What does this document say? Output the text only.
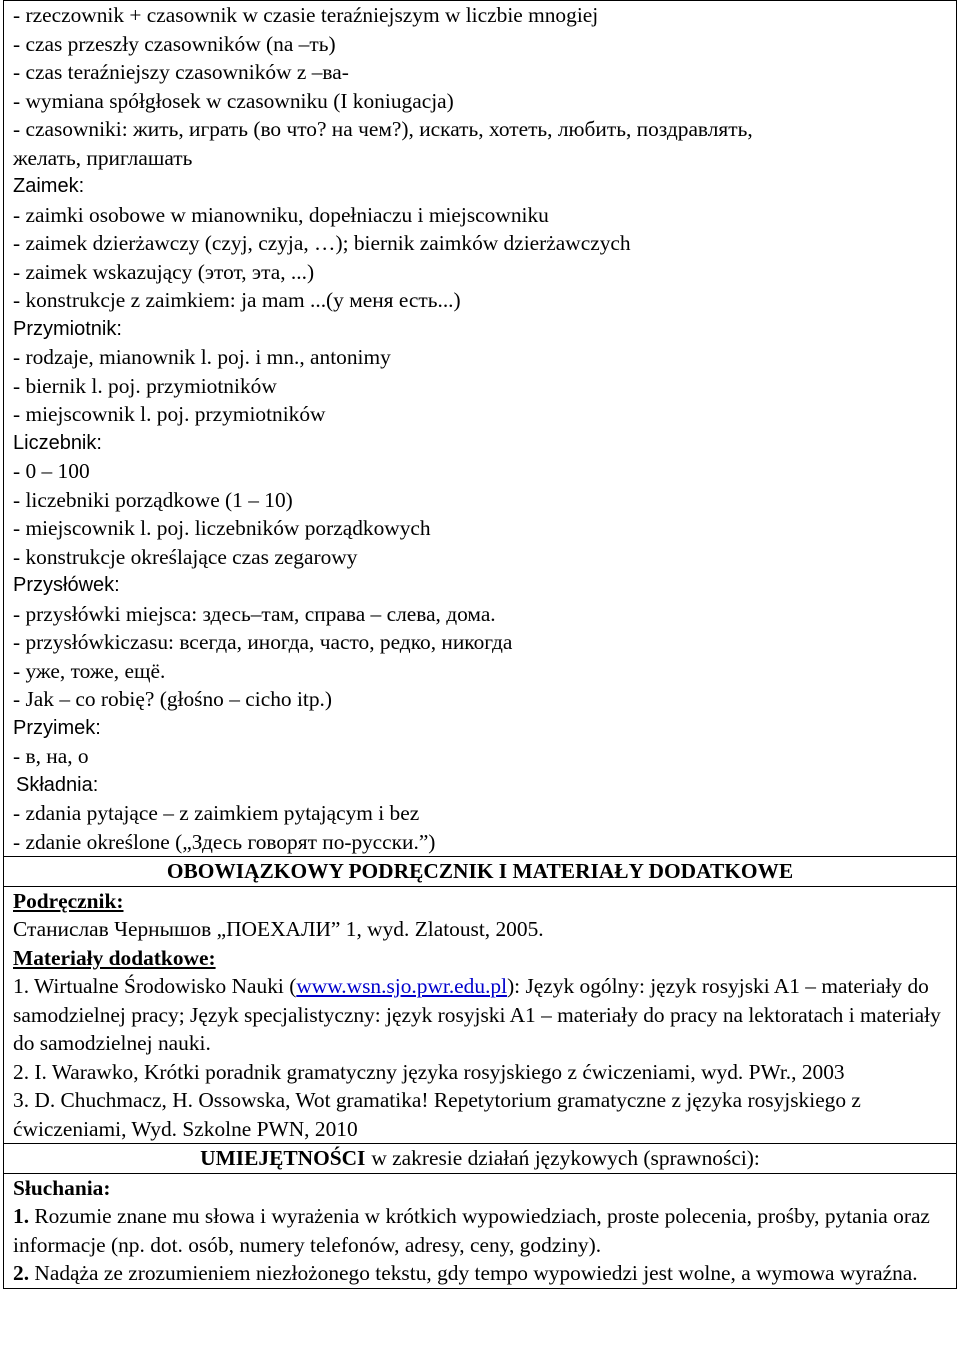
- rzeczownik + czasownik w czasie teraźniejszym w liczbie mnogiej
- czas przeszły czasowników (na –ть)
- czas teraźniejszy czasowników z –ва-
- wymiana spółgłosek w czasowniku (I koniugacja)
- czasowniki: жить, играть (во что? на чем?), искать, хотеть, любить, поздравлять,
желать, приглашать
Zaimek:
- zaimki osobowe w mianowniku, dopełniaczu i miejscowniku
- zaimek dzierżawczy (czyj, czyja, …); biernik zaimków dzierżawczych
- zaimek wskazujący (этот, эта, ...)
- konstrukcje z zaimkiem: ja mam ...(у меня есть...)
Przymiotnik:
- rodzaje, mianownik l. poj. i mn., antonimy
- biernik l. poj. przymiotników
- miejscownik l. poj. przymiotników
Liczebnik:
- 0 – 100
- liczebniki porządkowe (1 – 10)
- miejscownik l. poj. liczebników porządkowych
- konstrukcje określające czas zegarowy
Przysłówek:
- przysłówki miejsca: здесь–там, справа – слева, дома.
- przysłówkiczasu: всегда, иногда, часто, редко, никогда
- уже, тоже, ещё.
- Jak – co robię? (głośno – cicho itp.)
Przyimek:
- в, на, о
Składnia:
- zdania pytające – z zaimkiem pytającym i bez
- zdanie określone („Здесь говорят по-русски.”)

OBOWIĄZKOWY PODRĘCZNIK I MATERIAŁY DODATKOWE

Podręcznik:
Станислав Чернышов „ПОЕХАЛИ” 1, wyd. Zlatoust, 2005.
Materiały dodatkowe:
1. Wirtualne Środowisko Nauki (www.wsn.sjo.pwr.edu.pl): Język ogólny: język rosyjski A1 – materiały do samodzielnej pracy; Język specjalistyczny: język rosyjski A1 – materiały do pracy na lektoratach i materiały do samodzielnej nauki.
2. I. Warawko, Krótki poradnik gramatyczny języka rosyjskiego z ćwiczeniami, wyd. PWr., 2003
3. D. Chuchmacz, H. Ossowska, Wot gramatika! Repetytorium gramatyczne z języka rosyjskiego z ćwiczeniami, Wyd. Szkolne PWN, 2010

UMIEJĘTNOŚCI w zakresie działań językowych (sprawności):

Słuchania:
1. Rozumie znane mu słowa i wyrażenia w krótkich wypowiedziach, proste polecenia, prośby, pytania oraz informacje (np. dot. osób, numery telefonów, adresy, ceny, godziny).
2. Nadąża ze zrozumieniem niezłożonego tekstu, gdy tempo wypowiedzi jest wolne, a wymowa wyraźna.
